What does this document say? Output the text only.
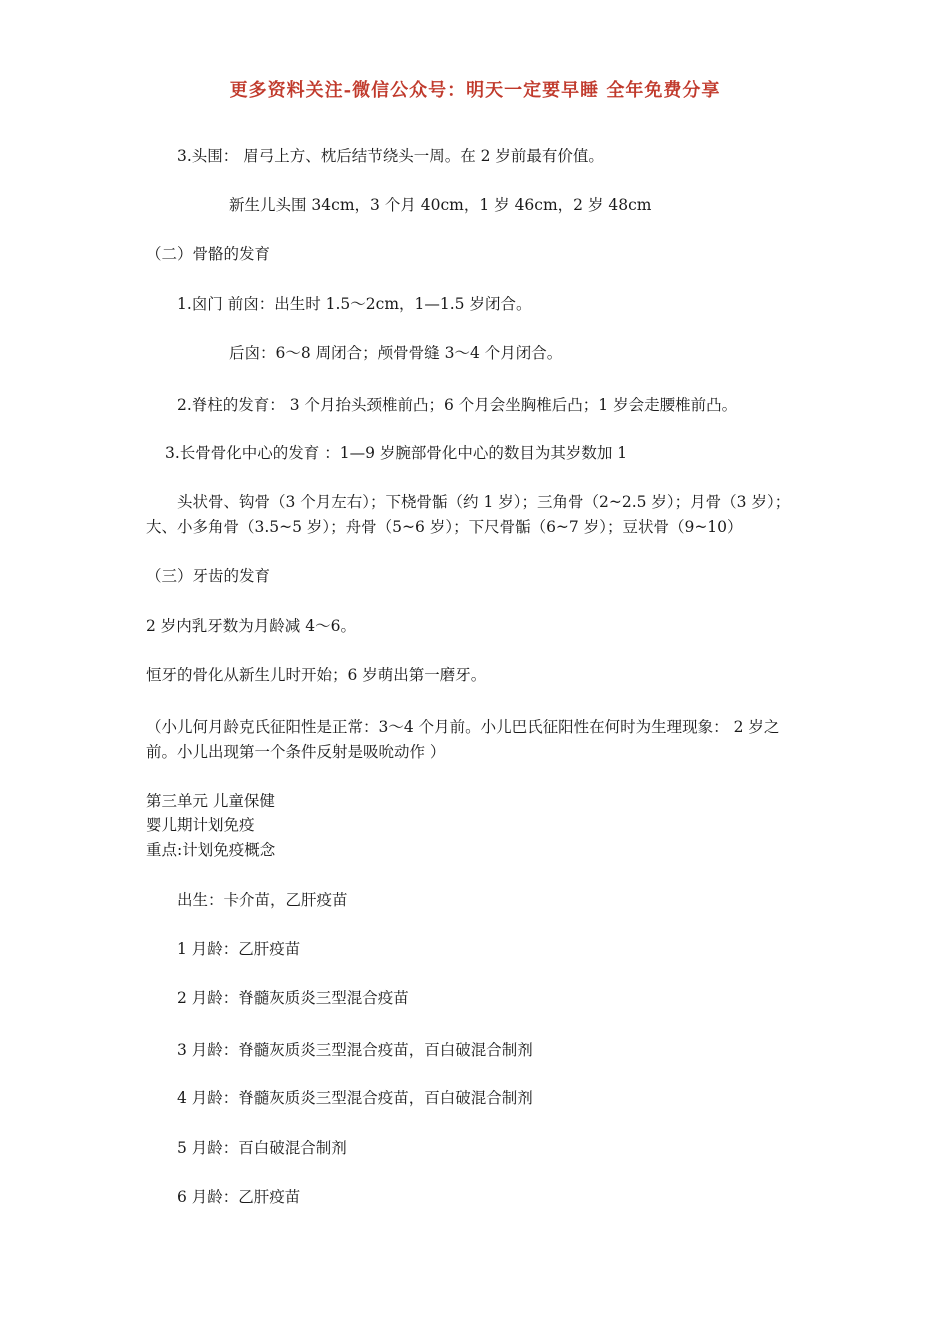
更多资料关注-微信公众号：明天一定要早睡 全年免费分享
3.头围： 眉弓上方、枕后结节绕头一周。在 2 岁前最有价值。
新生儿头围 34cm，3 个月 40cm，1 岁 46cm，2 岁 48cm
（二）骨骼的发育
1.囟门 前囟：出生时 1.5～2cm，1—1.5 岁闭合。
后囟：6～8 周闭合；颅骨骨缝 3～4 个月闭合。
2.脊柱的发育： 3 个月抬头颈椎前凸；6 个月会坐胸椎后凸；1 岁会走腰椎前凸。
3.长骨骨化中心的发育 ：1—9 岁腕部骨化中心的数目为其岁数加 1
头状骨、钩骨（3 个月左右）；下桡骨骺（约 1 岁）；三角骨（2~2.5 岁）；月骨（3 岁）；
大、小多角骨（3.5~5 岁）；舟骨（5~6 岁）；下尺骨骺（6~7 岁）；豆状骨（9~10）
（三）牙齿的发育
2 岁内乳牙数为月龄减 4～6。
恒牙的骨化从新生儿时开始；6 岁萌出第一磨牙。
（小儿何月龄克氏征阳性是正常：3～4 个月前。小儿巴氏征阳性在何时为生理现象： 2 岁之
前。小儿出现第一个条件反射是吸吮动作 ）
第三单元 儿童保健
婴儿期计划免疫
重点:计划免疫概念
出生：卡介苗，乙肝疫苗
1 月龄：乙肝疫苗
2 月龄：脊髓灰质炎三型混合疫苗
3 月龄：脊髓灰质炎三型混合疫苗，百白破混合制剂
4 月龄：脊髓灰质炎三型混合疫苗，百白破混合制剂
5 月龄：百白破混合制剂
6 月龄：乙肝疫苗
